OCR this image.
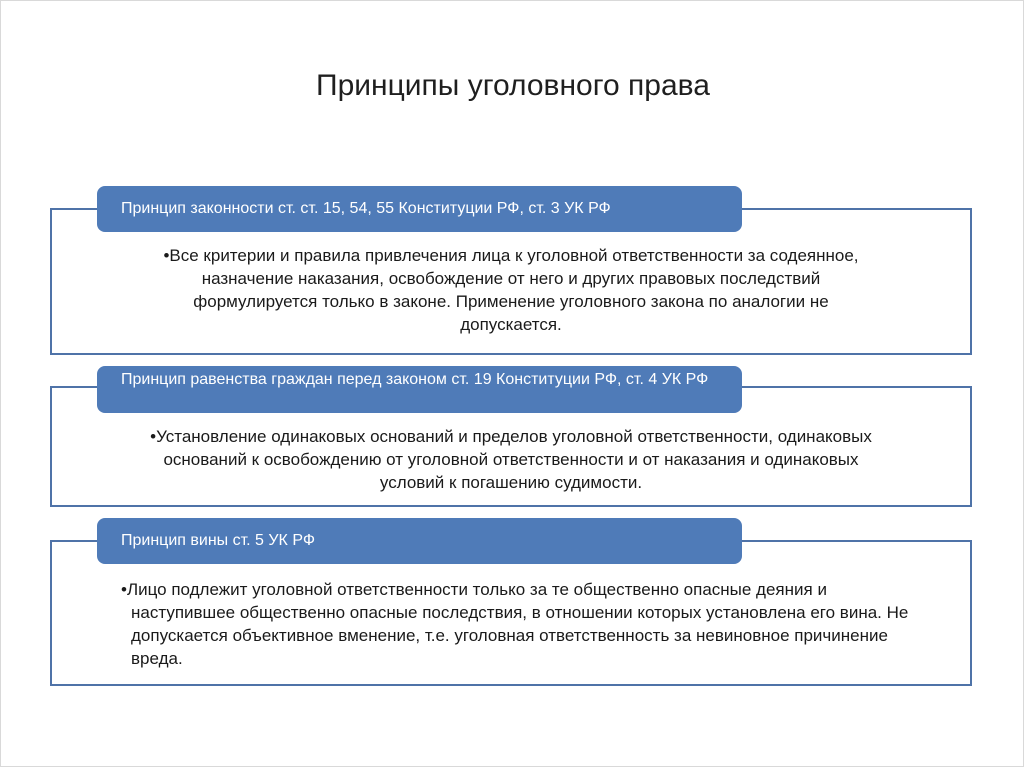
Принципы уголовного права
Принцип законности ст. ст. 15, 54, 55 Конституции РФ, ст. 3 УК РФ
•Все критерии и правила привлечения лица к уголовной ответственности за содеянное, назначение наказания, освобождение от него и других правовых последствий формулируется только в законе. Применение уголовного закона по аналогии не допускается.
Принцип равенства граждан перед законом ст. 19 Конституции РФ, ст. 4 УК РФ
•Установление одинаковых оснований и пределов уголовной ответственности, одинаковых оснований к освобождению от уголовной ответственности и от наказания и одинаковых условий к погашению судимости.
Принцип вины ст. 5 УК РФ
•Лицо подлежит уголовной ответственности только за те общественно опасные деяния и наступившее общественно опасные последствия, в отношении которых установлена его вина. Не допускается объективное вменение, т.е. уголовная ответственность за невиновное причинение вреда.
